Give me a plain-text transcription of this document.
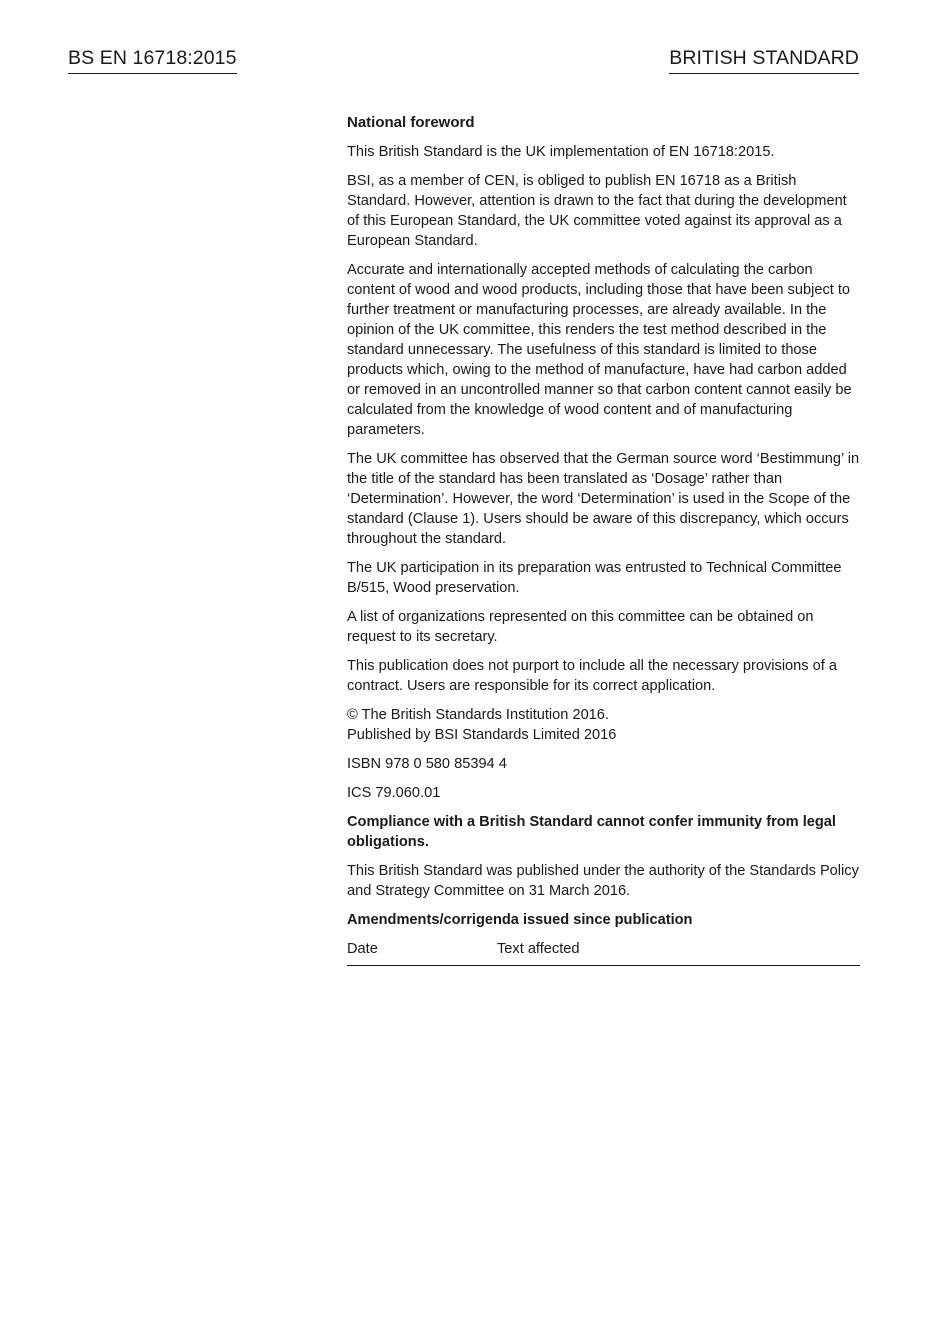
BS EN 16718:2015	BRITISH STANDARD
National foreword

This British Standard is the UK implementation of EN 16718:2015.

BSI, as a member of CEN, is obliged to publish EN 16718 as a British Standard. However, attention is drawn to the fact that during the development of this European Standard, the UK committee voted against its approval as a European Standard.

Accurate and internationally accepted methods of calculating the carbon content of wood and wood products, including those that have been subject to further treatment or manufacturing processes, are already available. In the opinion of the UK committee, this renders the test method described in the standard unnecessary. The usefulness of this standard is limited to those products which, owing to the method of manufacture, have had carbon added or removed in an uncontrolled manner so that carbon content cannot easily be calculated from the knowledge of wood content and of manufacturing parameters.

The UK committee has observed that the German source word ‘Bestimmung’ in the title of the standard has been translated as ‘Dosage’ rather than ‘Determination’. However, the word ‘Determination’ is used in the Scope of the standard (Clause 1). Users should be aware of this discrepancy, which occurs throughout the standard.

The UK participation in its preparation was entrusted to Technical Committee B/515, Wood preservation.

A list of organizations represented on this committee can be obtained on request to its secretary.

This publication does not purport to include all the necessary provisions of a contract. Users are responsible for its correct application.

© The British Standards Institution 2016.
Published by BSI Standards Limited 2016

ISBN 978 0 580 85394 4

ICS 79.060.01

Compliance with a British Standard cannot confer immunity from legal obligations.

This British Standard was published under the authority of the Standards Policy and Strategy Committee on 31 March 2016.

Amendments/corrigenda issued since publication
Date	Text affected
